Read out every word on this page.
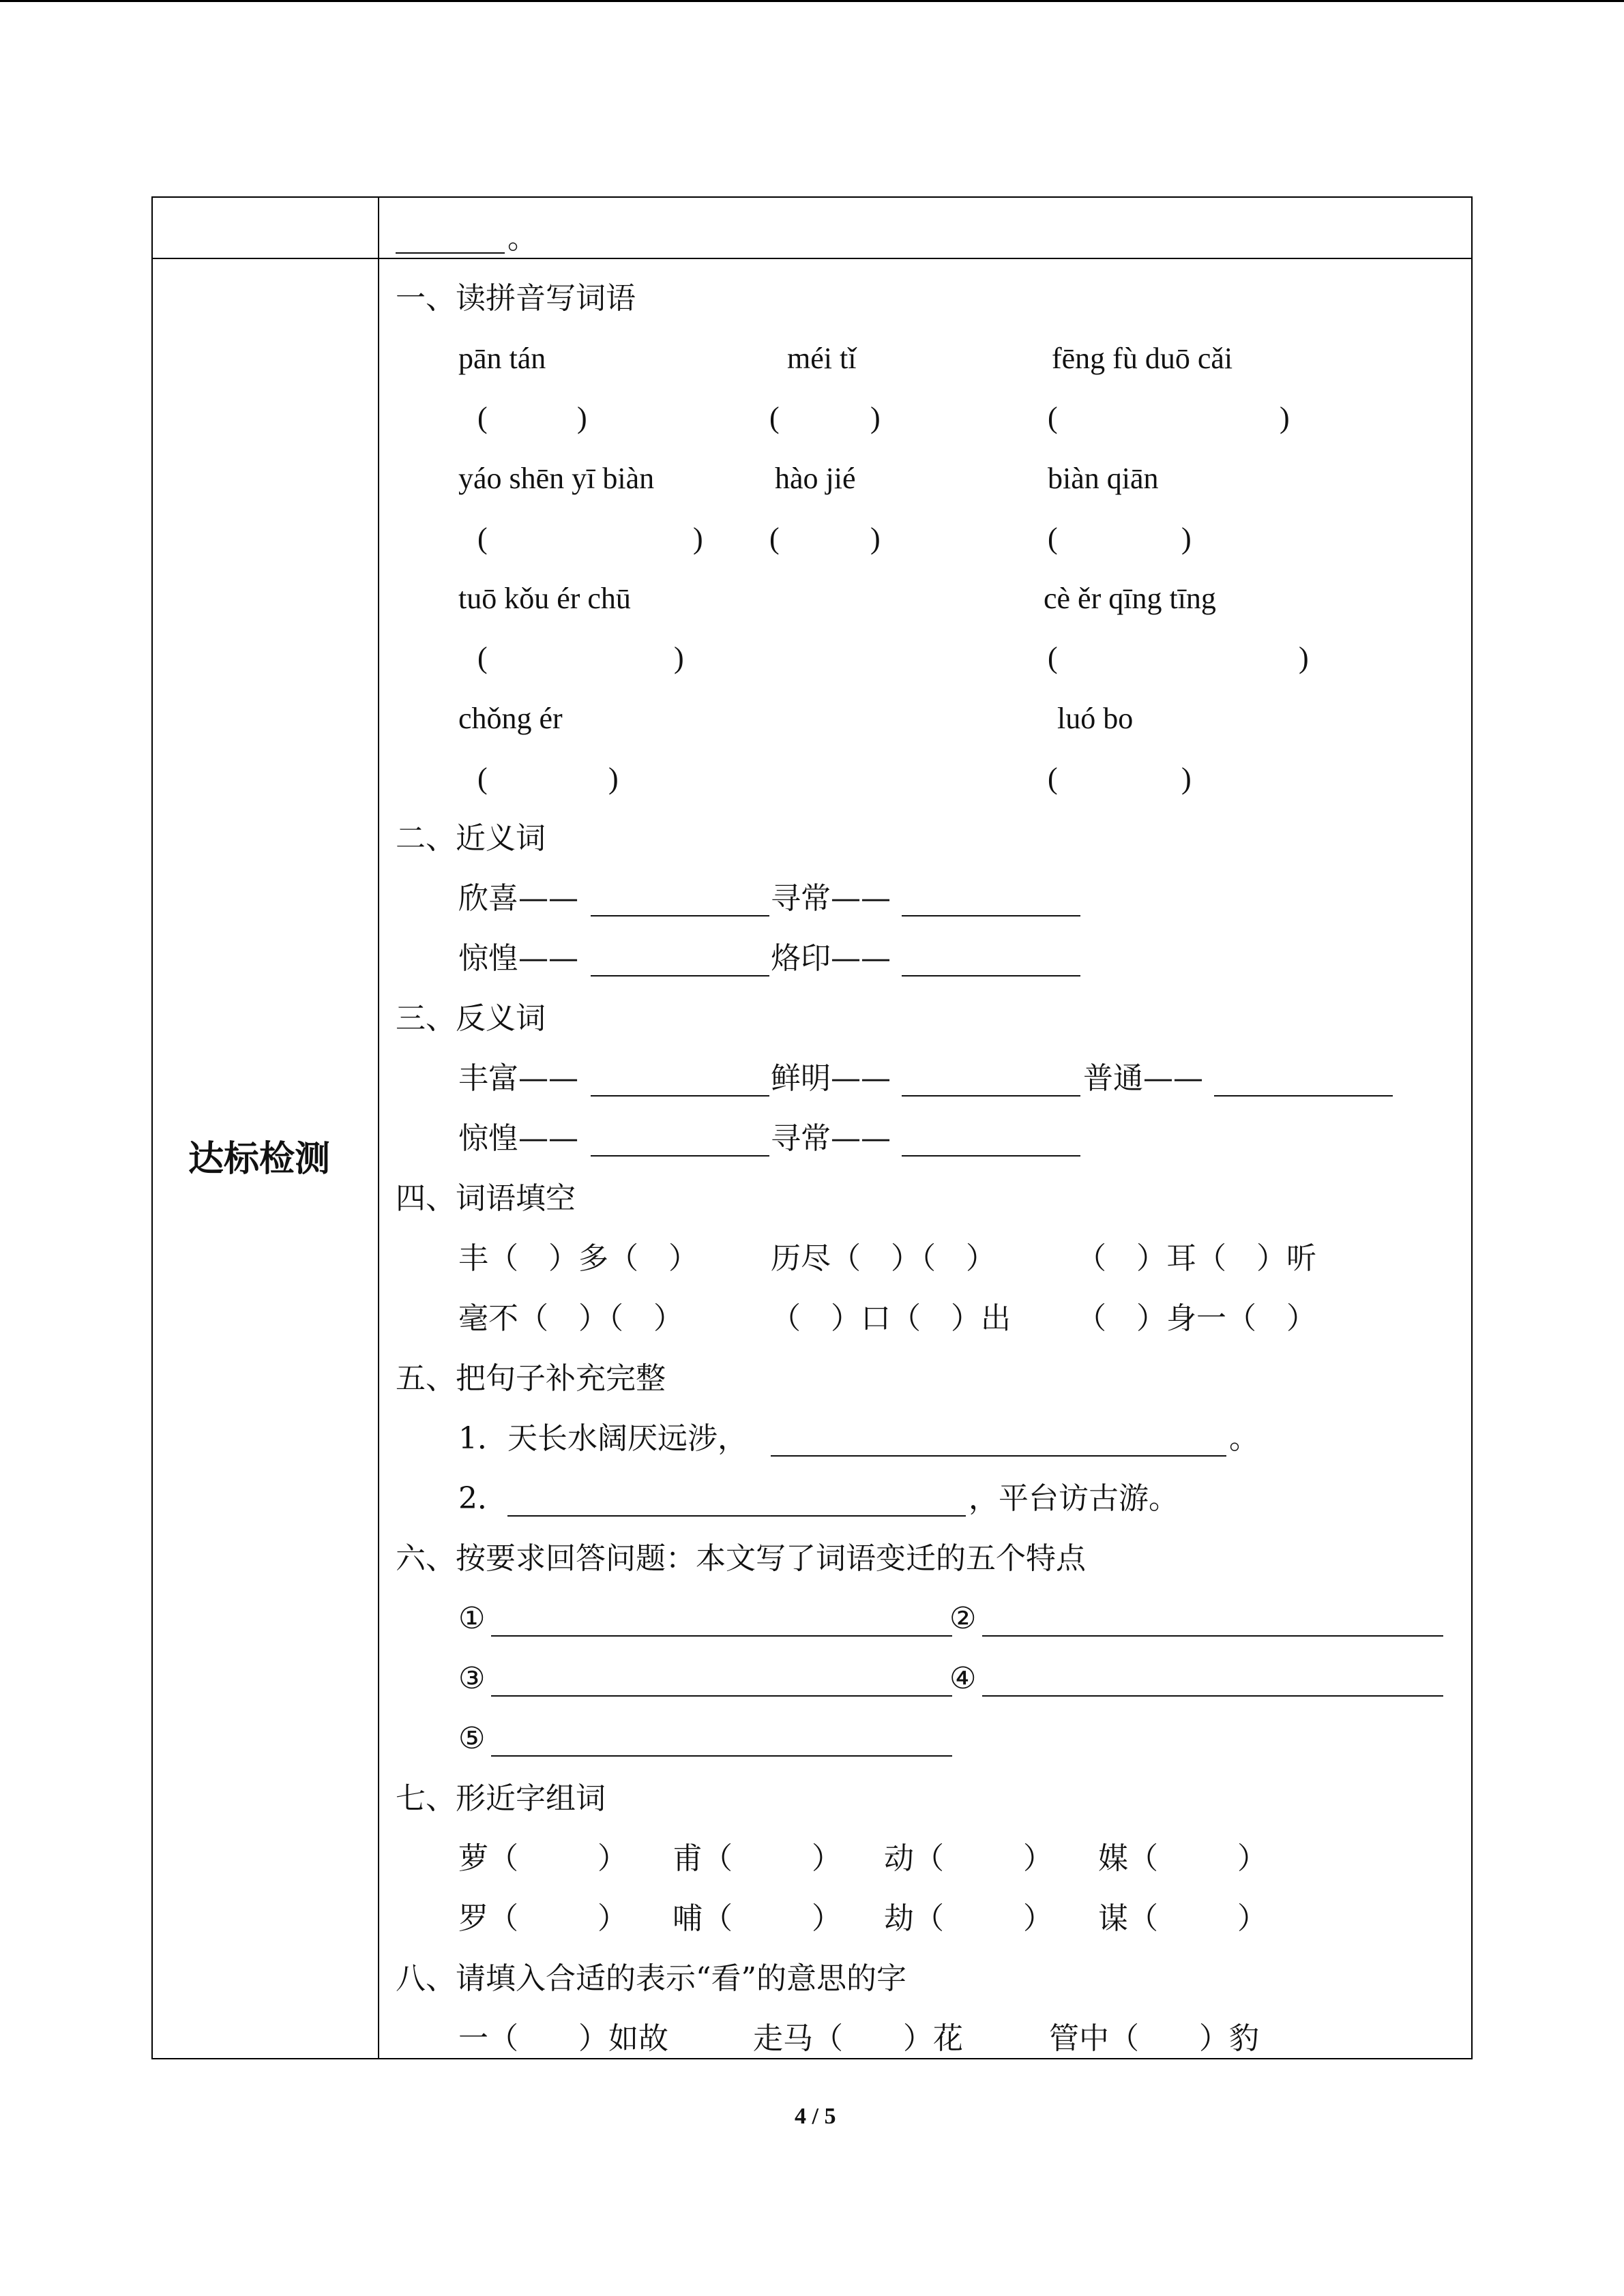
。
达标检测
一、读拼音写词语
pān tán	méi tǐ	fēng fù duō cǎi
(	)	(	)	(	)
yáo shēn yī biàn	hào jié	biàn qiān
(	) (	)	(	)
tuō kǒu ér chū	cè ěr qīng tīng
(	)	(	)
chǒng ér	luó bo
(	)	(	)
二、近义词
欣喜——	寻常——
惊惶——	烙印——
三、反义词
丰富——	鲜明——	普通——
惊惶——	寻常——
四、词语填空
丰（　）多（　） 历尽（　）（　）	（　）耳（　）听
毫不（　）（　）	（　）口（　）出 （　）身一（　）
五、把句子补充完整
1．天长水阔厌远涉，	。
2．	，平台访古游。
六、按要求回答问题：本文写了词语变迁的五个特点
①	②
③	④
⑤
七、形近字组词
萝 （	） 甫 （	） 动 （	） 媒 （	）
罗 （	） 哺 （	） 劫 （	） 谋 （	）
八、请填入合适的表示“看”的意思的字
一（　　）如故	走马（　　）花	管中（　　）豹
4 / 5
